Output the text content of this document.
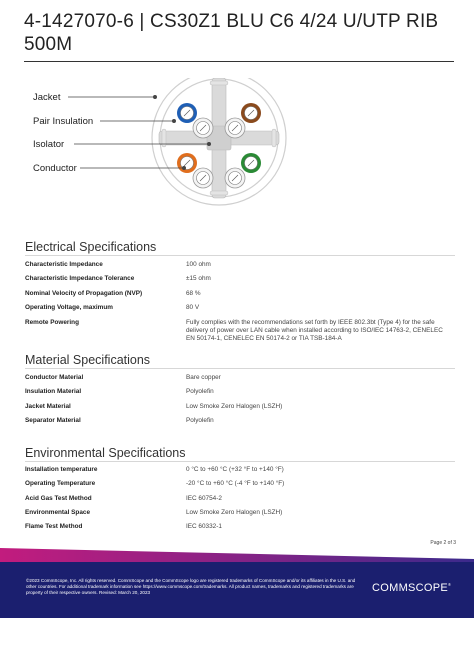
4-1427070-6 | CS30Z1 BLU C6 4/24 U/UTP RIB 500M
Jacket
Pair Insulation
Isolator
Conductor
Electrical Specifications
Characteristic Impedance	100 ohm
Characteristic Impedance Tolerance	±15 ohm
Nominal Velocity of Propagation (NVP)	68 %
Operating Voltage, maximum	80 V
Remote Powering	Fully complies with the recommendations set forth by IEEE 802.3bt (Type 4) for the safe delivery of power over LAN cable when installed according to ISO/IEC 14763-2, CENELEC EN 50174-1, CENELEC EN 50174-2 or TIA TSB-184-A
Material Specifications
Conductor Material	Bare copper
Insulation Material	Polyolefin
Jacket Material	Low Smoke Zero Halogen (LSZH)
Separator Material	Polyolefin
Environmental Specifications
Installation temperature	0 °C to +60 °C (+32 °F to +140 °F)
Operating Temperature	-20 °C to +60 °C (-4 °F to +140 °F)
Acid Gas Test Method	IEC 60754-2
Environmental Space	Low Smoke Zero Halogen (LSZH)
Flame Test Method	IEC 60332-1
Page 2 of 3
©2023 CommScope, Inc. All rights reserved. CommScope and the CommScope logo are registered trademarks of CommScope and/or its affiliates in the U.S. and other countries. For additional trademark information see https://www.commscope.com/trademarks. All product names, trademarks and registered trademarks are property of their respective owners. Revised: March 20, 2023	COMMSCOPE®
